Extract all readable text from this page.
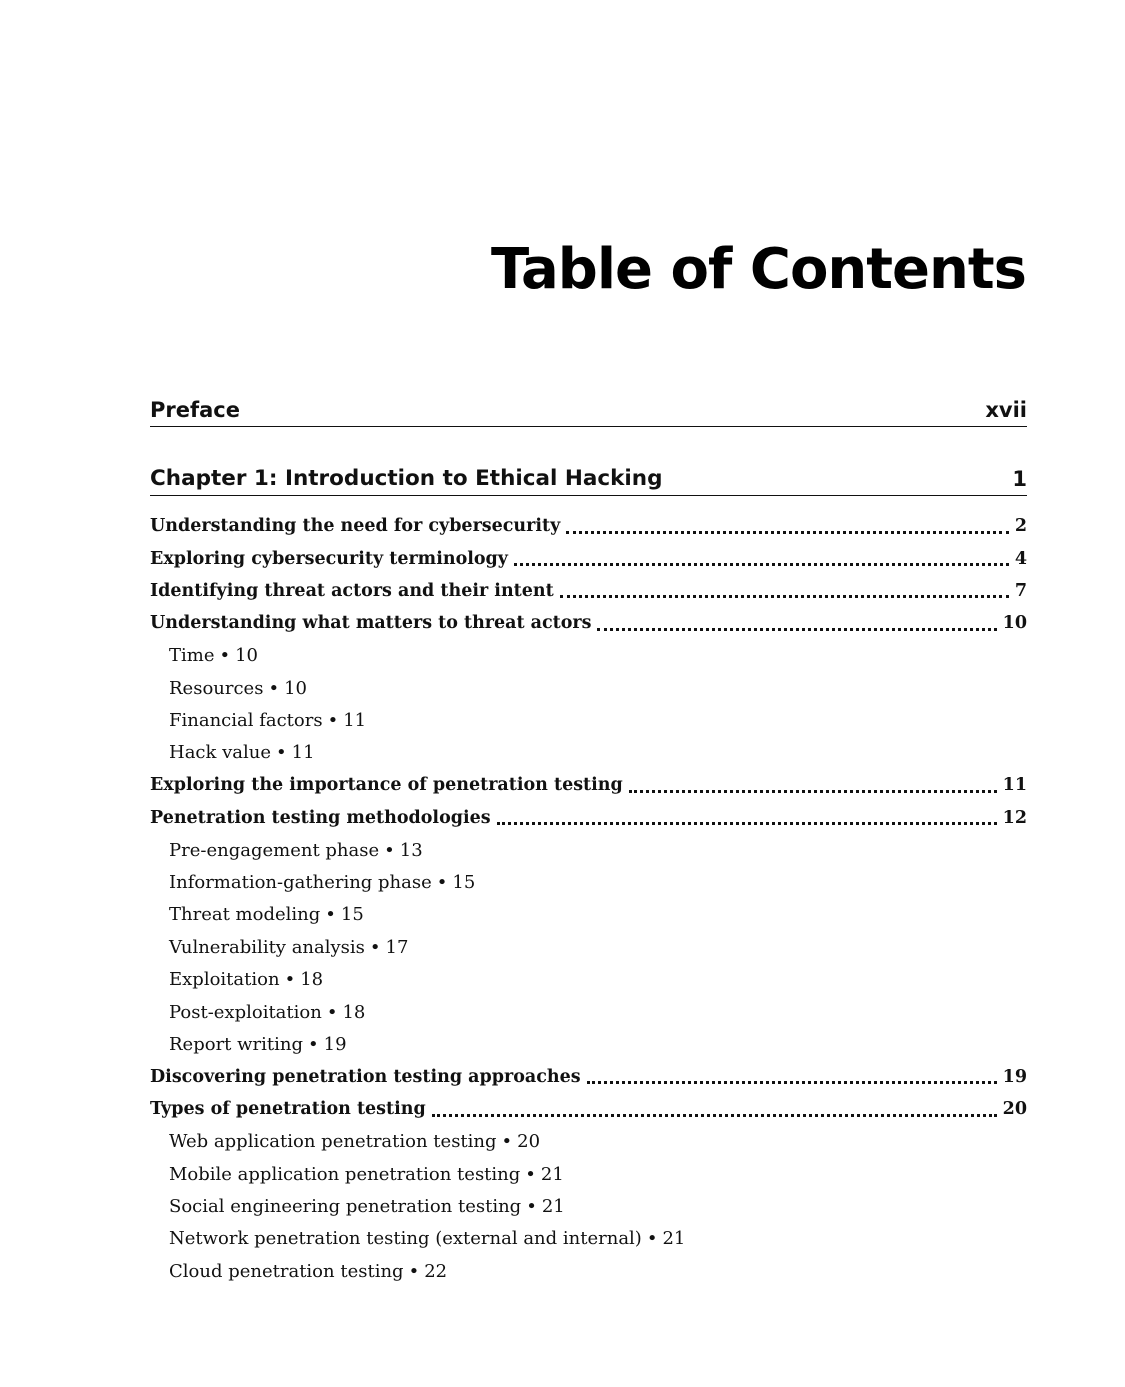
Table of Contents
Preface	xvii
Chapter 1: Introduction to Ethical Hacking	1
Understanding the need for cybersecurity	2
Exploring cybersecurity terminology	4
Identifying threat actors and their intent	7
Understanding what matters to threat actors	10
Time • 10
Resources • 10
Financial factors • 11
Hack value • 11
Exploring the importance of penetration testing	11
Penetration testing methodologies	12
Pre-engagement phase • 13
Information-gathering phase • 15
Threat modeling • 15
Vulnerability analysis • 17
Exploitation • 18
Post-exploitation • 18
Report writing • 19
Discovering penetration testing approaches	19
Types of penetration testing	20
Web application penetration testing • 20
Mobile application penetration testing • 21
Social engineering penetration testing • 21
Network penetration testing (external and internal) • 21
Cloud penetration testing • 22
